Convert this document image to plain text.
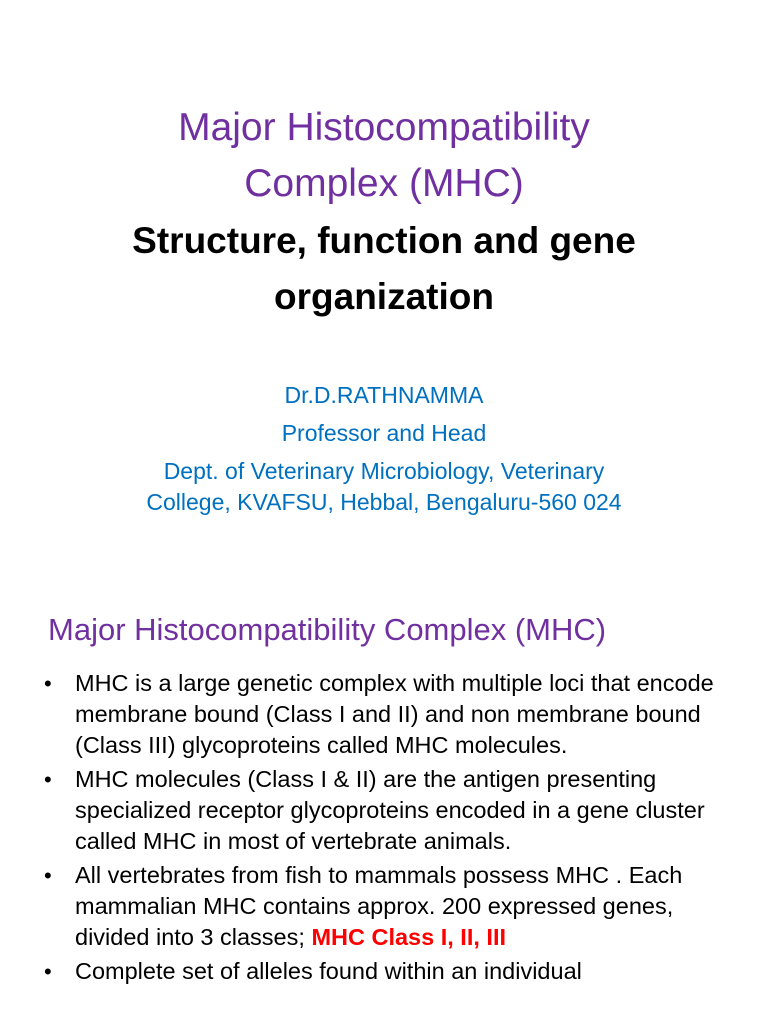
Major Histocompatibility
Complex (MHC)
Structure, function and gene
organization
Dr.D.RATHNAMMA
Professor and Head
Dept. of Veterinary Microbiology, Veterinary
College, KVAFSU, Hebbal, Bengaluru-560 024
Major Histocompatibility Complex (MHC)
• MHC is a large genetic complex with multiple loci that encode membrane bound (Class I and II) and non membrane bound (Class III) glycoproteins called MHC molecules.
• MHC molecules (Class I & II) are the antigen presenting specialized receptor glycoproteins encoded in a gene cluster called MHC in most of vertebrate animals.
• All vertebrates from fish to mammals possess MHC . Each mammalian MHC contains approx. 200 expressed genes, divided into 3 classes; MHC Class I, II, III
• Complete set of alleles found within an individual
